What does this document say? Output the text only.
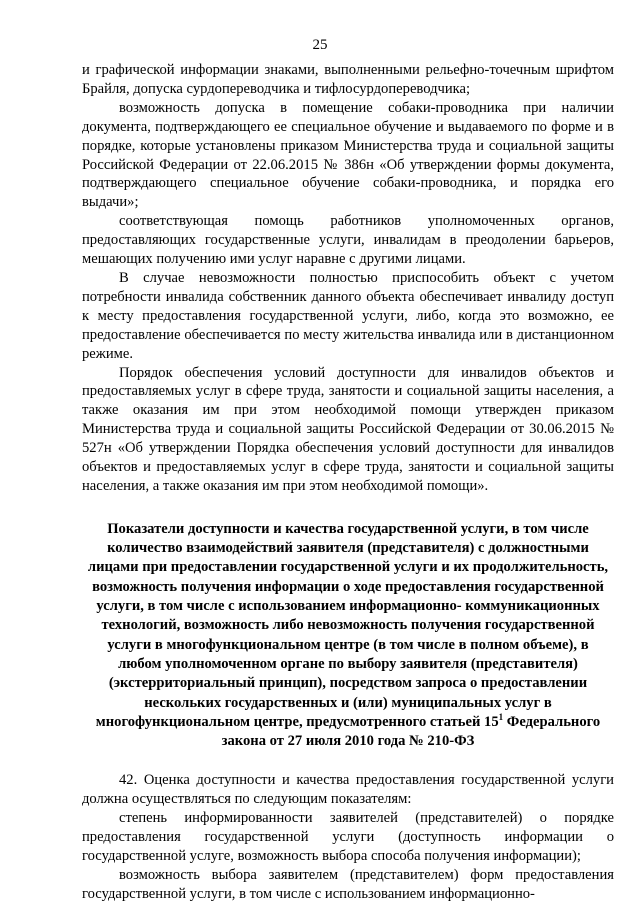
25

и графической информации знаками, выполненными рельефно-точечным шрифтом Брайля, допуска сурдопереводчика и тифлосурдопереводчика;

возможность допуска в помещение собаки-проводника при наличии документа, подтверждающего ее специальное обучение и выдаваемого по форме и в порядке, которые установлены приказом Министерства труда и социальной защиты Российской Федерации от 22.06.2015 № 386н «Об утверждении формы документа, подтверждающего специальное обучение собаки-проводника, и порядка его выдачи»;

соответствующая помощь работников уполномоченных органов, предоставляющих государственные услуги, инвалидам в преодолении барьеров, мешающих получению ими услуг наравне с другими лицами.

В случае невозможности полностью приспособить объект с учетом потребности инвалида собственник данного объекта обеспечивает инвалиду доступ к месту предоставления государственной услуги, либо, когда это возможно, ее предоставление обеспечивается по месту жительства инвалида или в дистанционном режиме.

Порядок обеспечения условий доступности для инвалидов объектов и предоставляемых услуг в сфере труда, занятости и социальной защиты населения, а также оказания им при этом необходимой помощи утвержден приказом Министерства труда и социальной защиты Российской Федерации от 30.06.2015 № 527н «Об утверждении Порядка обеспечения условий доступности для инвалидов объектов и предоставляемых услуг в сфере труда, занятости и социальной защиты населения, а также оказания им при этом необходимой помощи».

Показатели доступности и качества государственной услуги, в том числе количество взаимодействий заявителя (представителя) с должностными лицами при предоставлении государственной услуги и их продолжительность, возможность получения информации о ходе предоставления государственной услуги, в том числе с использованием информационно- коммуникационных технологий, возможность либо невозможность получения государственной услуги в многофункциональном центре (в том числе в полном объеме), в любом уполномоченном органе по выбору заявителя (представителя) (экстерриториальный принцип), посредством запроса о предоставлении нескольких государственных и (или) муниципальных услуг в многофункциональном центре, предусмотренного статьей $15^1$ Федерального закона от 27 июля 2010 года № 210-ФЗ

42. Оценка доступности и качества предоставления государственной услуги должна осуществляться по следующим показателям:

степень информированности заявителей (представителей) о порядке предоставления государственной услуги (доступность информации о государственной услуге, возможность выбора способа получения информации);

возможность выбора заявителем (представителем) форм предоставления государственной услуги, в том числе с использованием информационно-
